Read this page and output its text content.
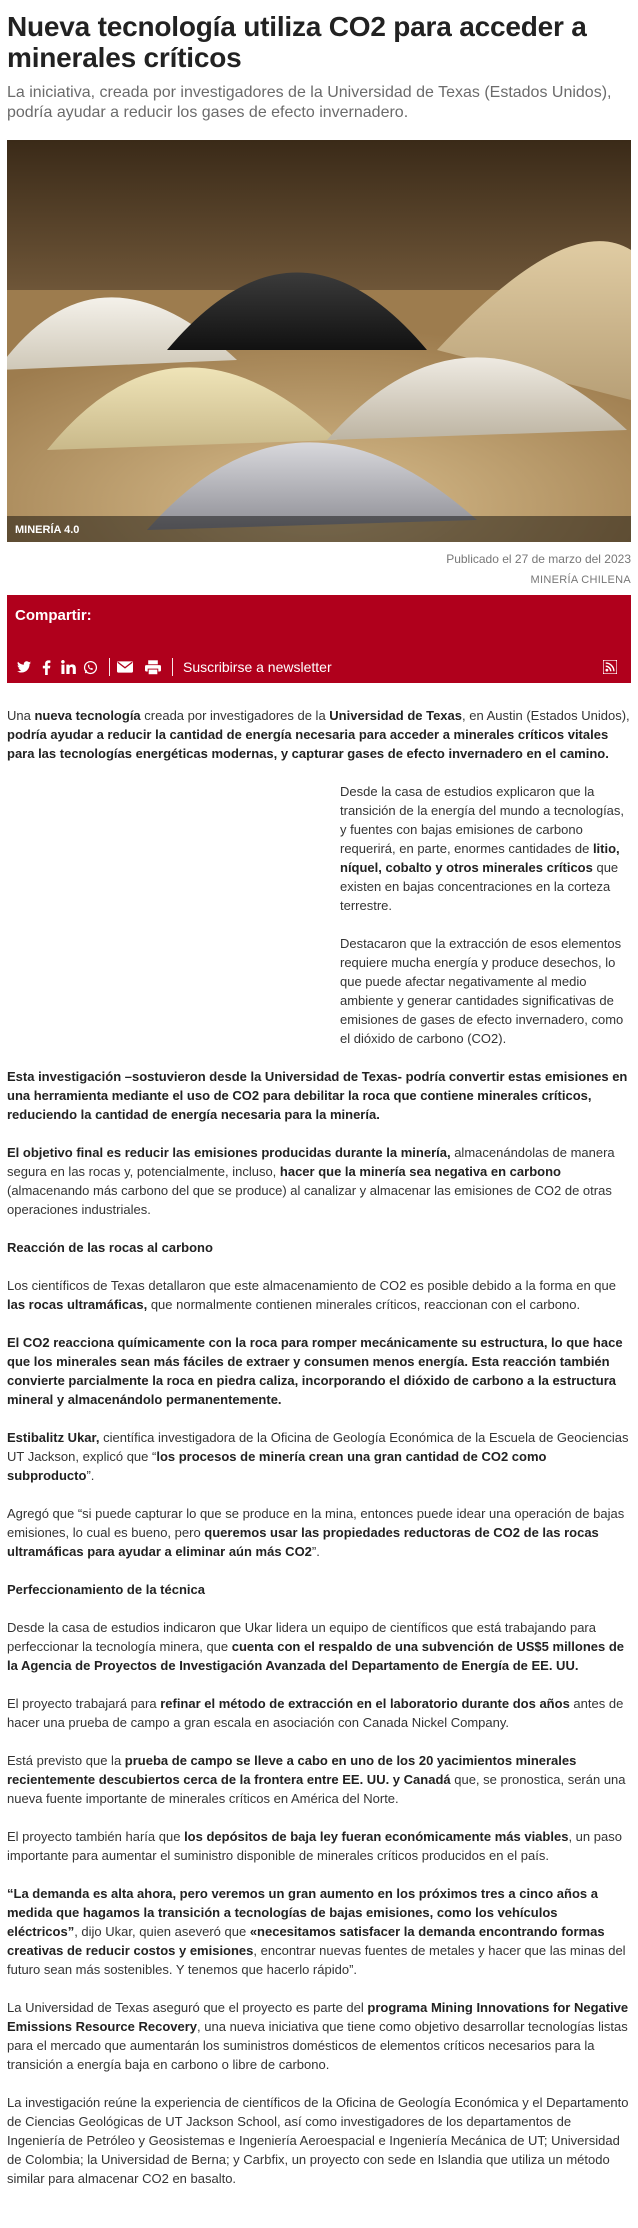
Nueva tecnología utiliza CO2 para acceder a minerales críticos

La iniciativa, creada por investigadores de la Universidad de Texas (Estados Unidos), podría ayudar a reducir los gases de efecto invernadero.

MINERÍA 4.0
Publicado el 27 de marzo del 2023
MINERÍA CHILENA
Compartir:
Suscribirse a newsletter

Una nueva tecnología creada por investigadores de la Universidad de Texas, en Austin (Estados Unidos), podría ayudar a reducir la cantidad de energía necesaria para acceder a minerales críticos vitales para las tecnologías energéticas modernas, y capturar gases de efecto invernadero en el camino.

Desde la casa de estudios explicaron que la transición de la energía del mundo a tecnologías, y fuentes con bajas emisiones de carbono requerirá, en parte, enormes cantidades de litio, níquel, cobalto y otros minerales críticos que existen en bajas concentraciones en la corteza terrestre.

Destacaron que la extracción de esos elementos requiere mucha energía y produce desechos, lo que puede afectar negativamente al medio ambiente y generar cantidades significativas de emisiones de gases de efecto invernadero, como el dióxido de carbono (CO2).

Esta investigación –sostuvieron desde la Universidad de Texas- podría convertir estas emisiones en una herramienta mediante el uso de CO2 para debilitar la roca que contiene minerales críticos, reduciendo la cantidad de energía necesaria para la minería.

El objetivo final es reducir las emisiones producidas durante la minería, almacenándolas de manera segura en las rocas y, potencialmente, incluso, hacer que la minería sea negativa en carbono (almacenando más carbono del que se produce) al canalizar y almacenar las emisiones de CO2 de otras operaciones industriales.

Reacción de las rocas al carbono

Los científicos de Texas detallaron que este almacenamiento de CO2 es posible debido a la forma en que las rocas ultramáficas, que normalmente contienen minerales críticos, reaccionan con el carbono.

El CO2 reacciona químicamente con la roca para romper mecánicamente su estructura, lo que hace que los minerales sean más fáciles de extraer y consumen menos energía. Esta reacción también convierte parcialmente la roca en piedra caliza, incorporando el dióxido de carbono a la estructura mineral y almacenándolo permanentemente.

Estibalitz Ukar, científica investigadora de la Oficina de Geología Económica de la Escuela de Geociencias UT Jackson, explicó que “los procesos de minería crean una gran cantidad de CO2 como subproducto”.

Agregó que “si puede capturar lo que se produce en la mina, entonces puede idear una operación de bajas emisiones, lo cual es bueno, pero queremos usar las propiedades reductoras de CO2 de las rocas ultramáficas para ayudar a eliminar aún más CO2”.

Perfeccionamiento de la técnica

Desde la casa de estudios indicaron que Ukar lidera un equipo de científicos que está trabajando para perfeccionar la tecnología minera, que cuenta con el respaldo de una subvención de US$5 millones de la Agencia de Proyectos de Investigación Avanzada del Departamento de Energía de EE. UU.

El proyecto trabajará para refinar el método de extracción en el laboratorio durante dos años antes de hacer una prueba de campo a gran escala en asociación con Canada Nickel Company.

Está previsto que la prueba de campo se lleve a cabo en uno de los 20 yacimientos minerales recientemente descubiertos cerca de la frontera entre EE. UU. y Canadá que, se pronostica, serán una nueva fuente importante de minerales críticos en América del Norte.

El proyecto también haría que los depósitos de baja ley fueran económicamente más viables, un paso importante para aumentar el suministro disponible de minerales críticos producidos en el país.

“La demanda es alta ahora, pero veremos un gran aumento en los próximos tres a cinco años a medida que hagamos la transición a tecnologías de bajas emisiones, como los vehículos eléctricos”, dijo Ukar, quien aseveró que «necesitamos satisfacer la demanda encontrando formas creativas de reducir costos y emisiones, encontrar nuevas fuentes de metales y hacer que las minas del futuro sean más sostenibles. Y tenemos que hacerlo rápido”.

La Universidad de Texas aseguró que el proyecto es parte del programa Mining Innovations for Negative Emissions Resource Recovery, una nueva iniciativa que tiene como objetivo desarrollar tecnologías listas para el mercado que aumentarán los suministros domésticos de elementos críticos necesarios para la transición a energía baja en carbono o libre de carbono.

La investigación reúne la experiencia de científicos de la Oficina de Geología Económica y el Departamento de Ciencias Geológicas de UT Jackson School, así como investigadores de los departamentos de Ingeniería de Petróleo y Geosistemas e Ingeniería Aeroespacial e Ingeniería Mecánica de UT; Universidad de Colombia; la Universidad de Berna; y Carbfix, un proyecto con sede en Islandia que utiliza un método similar para almacenar CO2 en basalto.
